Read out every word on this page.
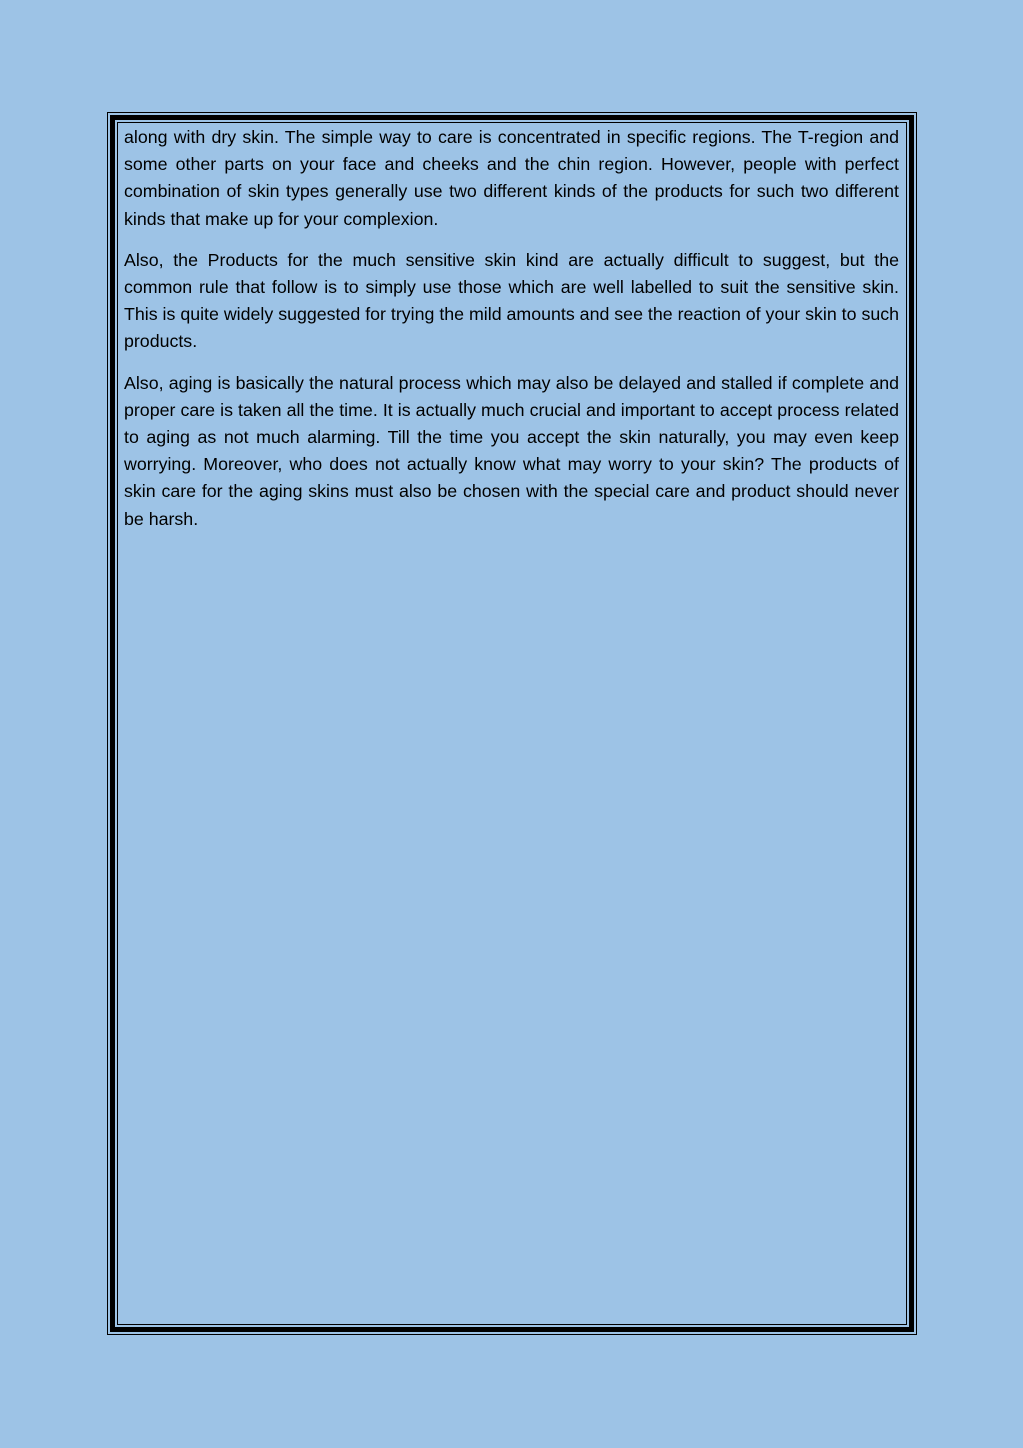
along with dry skin. The simple way to care is concentrated in specific regions. The T-region and some other parts on your face and cheeks and the chin region. However, people with perfect combination of skin types generally use two different kinds of the products for such two different kinds that make up for your complexion.

Also, the Products for the much sensitive skin kind are actually difficult to suggest, but the common rule that follow is to simply use those which are well labelled to suit the sensitive skin. This is quite widely suggested for trying the mild amounts and see the reaction of your skin to such products.

Also, aging is basically the natural process which may also be delayed and stalled if complete and proper care is taken all the time. It is actually much crucial and important to accept process related to aging as not much alarming. Till the time you accept the skin naturally, you may even keep worrying. Moreover, who does not actually know what may worry to your skin? The products of skin care for the aging skins must also be chosen with the special care and product should never be harsh.
